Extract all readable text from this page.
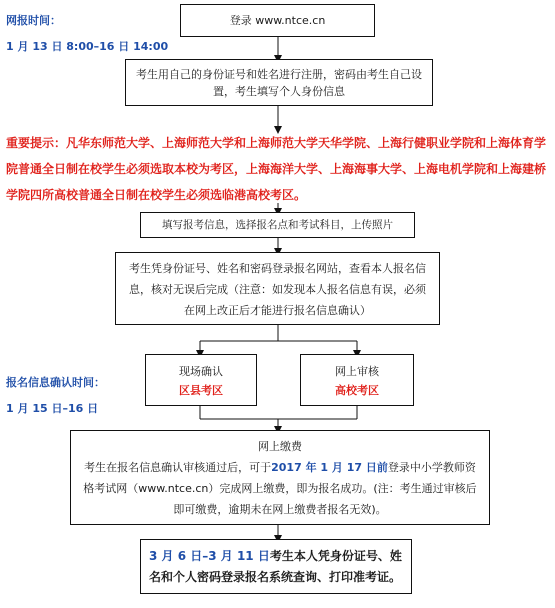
网报时间：
1 月 13 日 8:00–16 日 14:00
报名信息确认时间：
1 月 15 日–16 日
登录 www.ntce.cn
考生用自己的身份证号和姓名进行注册，密码由考生自己设置，考生填写个人身份信息
重要提示：凡华东师范大学、上海师范大学和上海师范大学天华学院、上海行健职业学院和上海体育学院普通全日制在校学生必须选取本校为考区，上海海洋大学、上海海事大学、上海电机学院和上海建桥学院四所高校普通全日制在校学生必须选临港高校考区。
填写报考信息，选择报名点和考试科目，上传照片
考生凭身份证号、姓名和密码登录报名网站，查看本人报名信息，核对无误后完成（注意：如发现本人报名信息有误，必须在网上改正后才能进行报名信息确认）
现场确认
区县考区
网上审核
高校考区
网上缴费
考生在报名信息确认审核通过后，可于2017 年 1 月 17 日前登录中小学教师资格考试网（www.ntce.cn）完成网上缴费，即为报名成功。(注：考生通过审核后即可缴费，逾期未在网上缴费者报名无效)。
3 月 6 日–3 月 11 日考生本人凭身份证号、姓名和个人密码登录报名系统查询、打印准考证。
